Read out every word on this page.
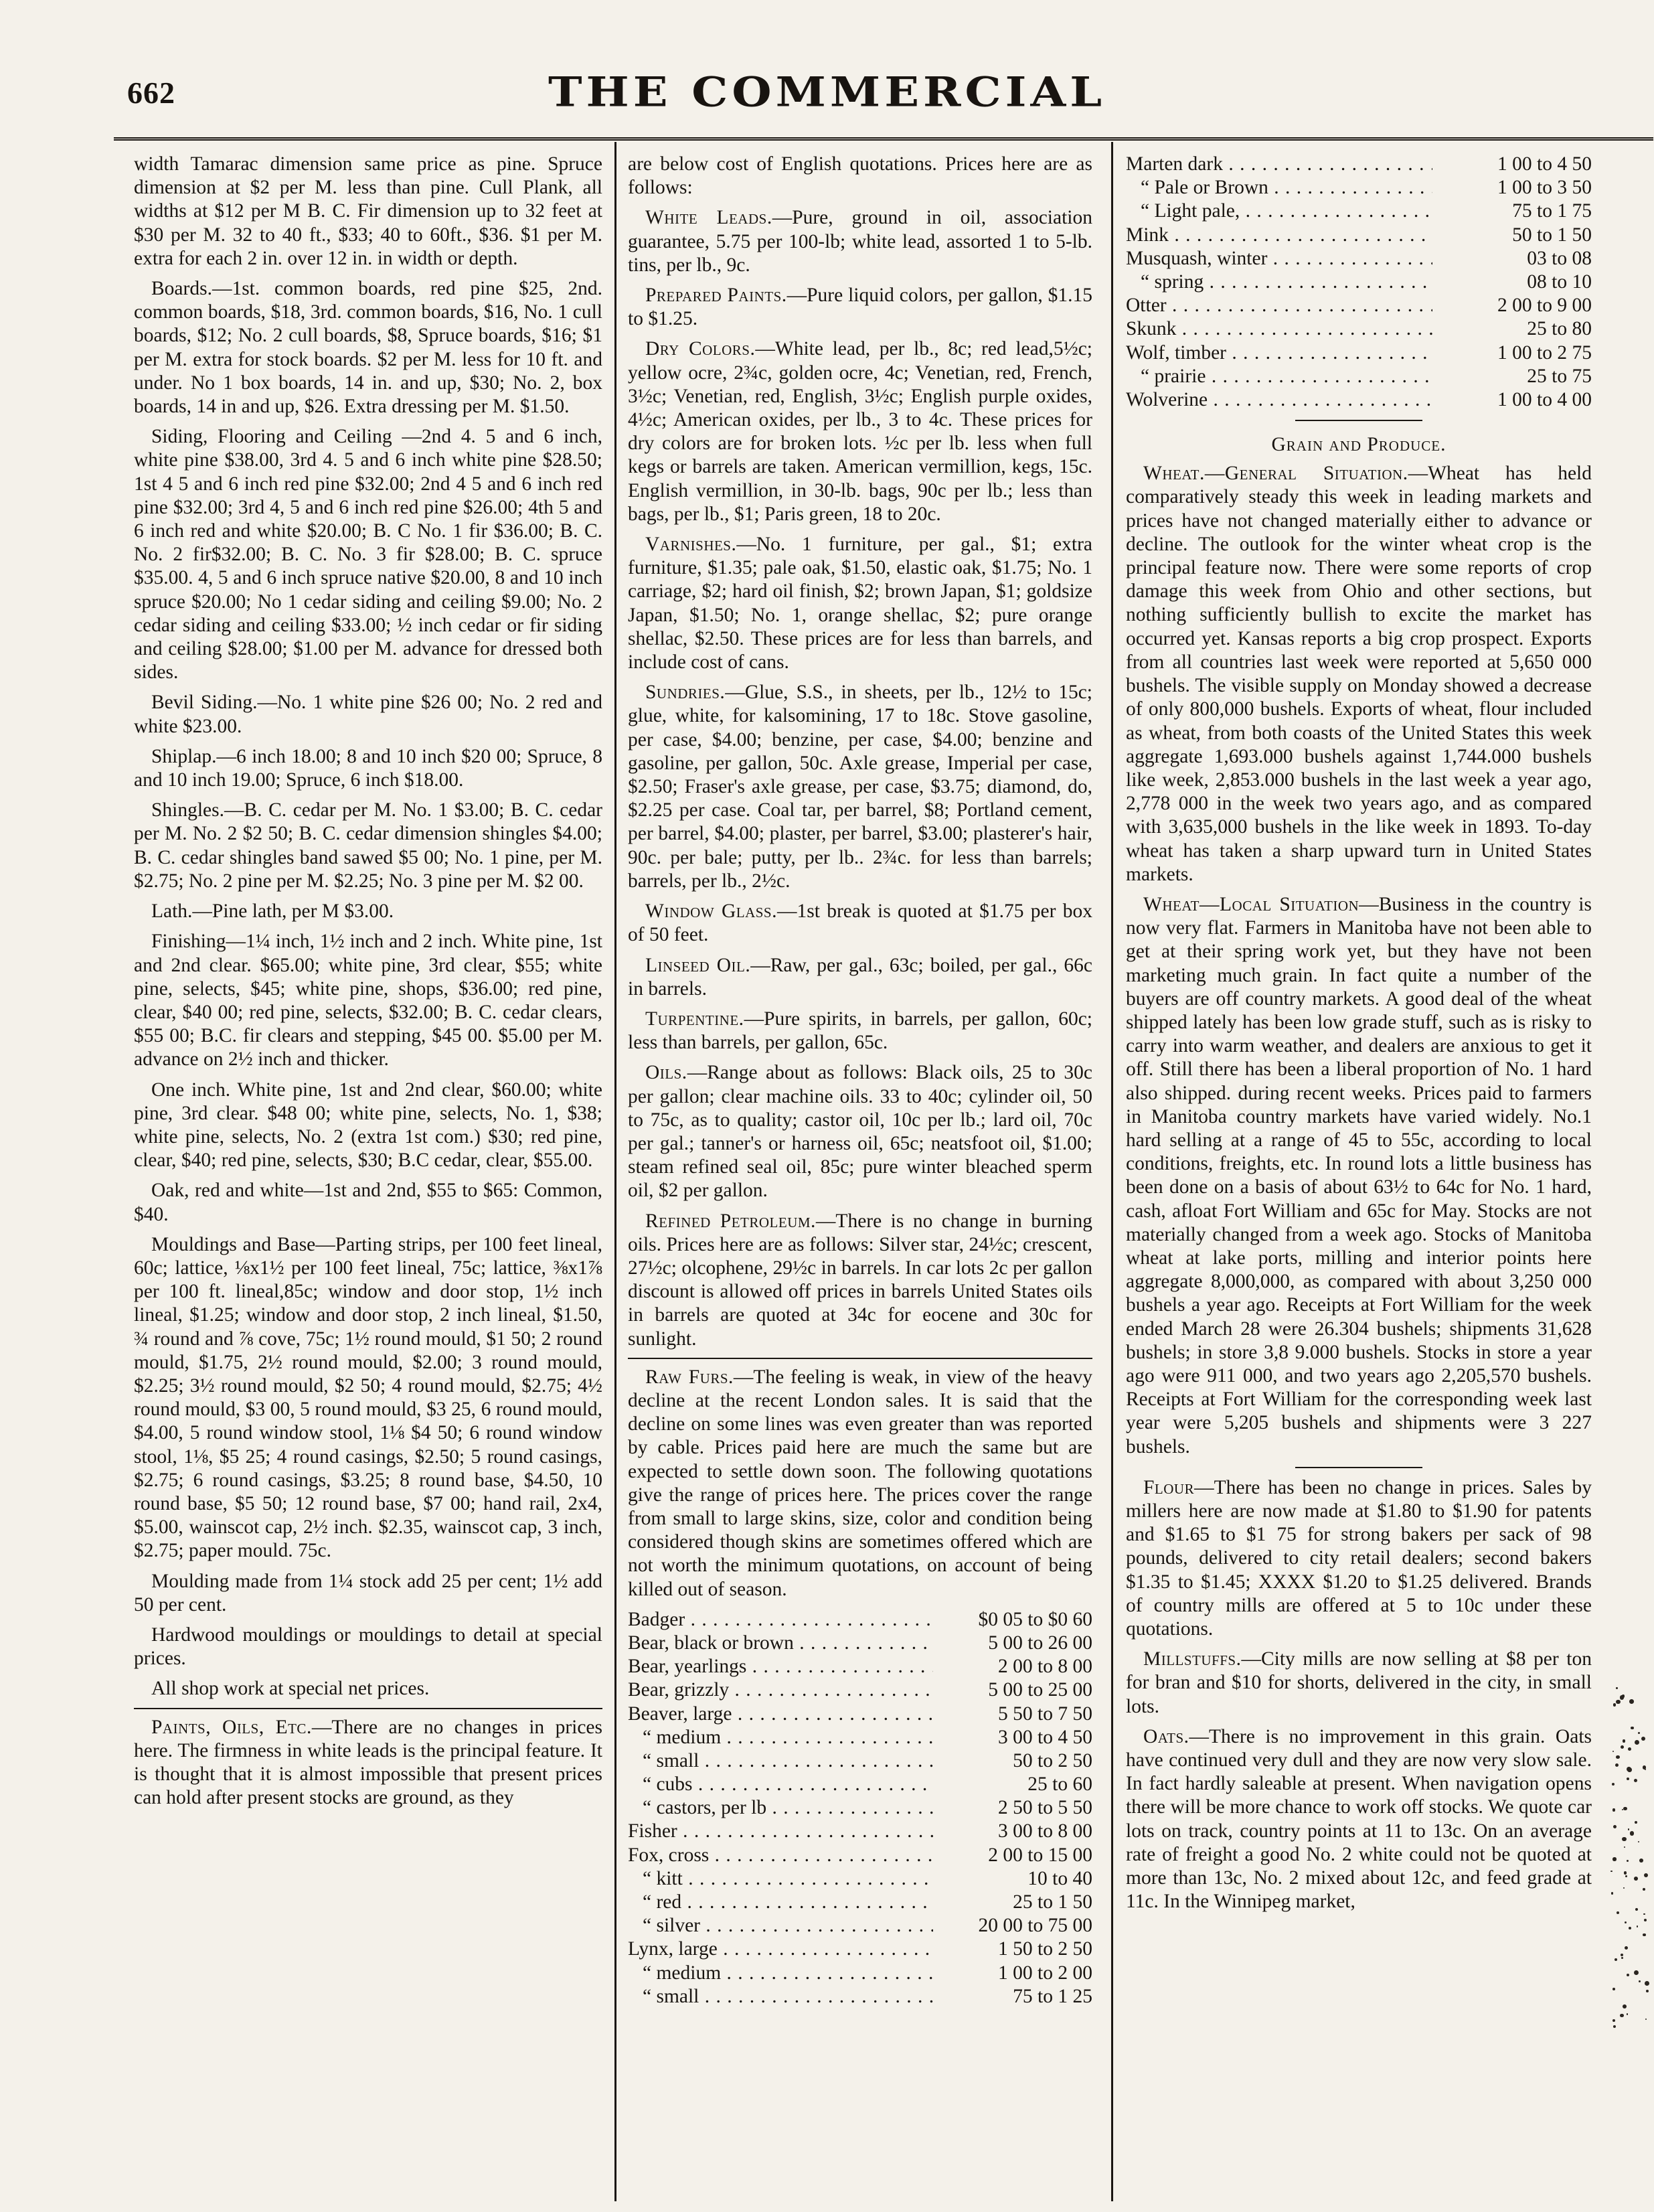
662	THE COMMERCIAL

width Tamarac dimension same price as pine. Spruce dimension at $2 per M. less than pine. Cull Plank, all widths at $12 per M B. C. Fir dimension up to 32 feet at $30 per M. 32 to 40 ft., $33; 40 to 60ft., $36. $1 per M. extra for each 2 in. over 12 in. in width or depth.

Boards.—1st. common boards, red pine $25, 2nd. common boards, $18, 3rd. common boards, $16, No. 1 cull boards, $12; No. 2 cull boards, $8, Spruce boards, $16; $1 per M. extra for stock boards. $2 per M. less for 10 ft. and under. No 1 box boards, 14 in. and up, $30; No. 2, box boards, 14 in and up, $26. Extra dressing per M. $1.50.

Siding, Flooring and Ceiling —2nd 4. 5 and 6 inch, white pine $38.00, 3rd 4. 5 and 6 inch white pine $28.50; 1st 4 5 and 6 inch red pine $32.00; 2nd 4 5 and 6 inch red pine $32.00; 3rd 4, 5 and 6 inch red pine $26.00; 4th 5 and 6 inch red and white $20.00; B. C No. 1 fir $36.00; B. C. No. 2 fir$32.00; B. C. No. 3 fir $28.00; B. C. spruce $35.00. 4, 5 and 6 inch spruce native $20.00, 8 and 10 inch spruce $20.00; No 1 cedar siding and ceiling $9.00; No. 2 cedar siding and ceiling $33.00; ½ inch cedar or fir siding and ceiling $28.00; $1.00 per M. advance for dressed both sides.

Bevil Siding.—No. 1 white pine $26 00; No. 2 red and white $23.00.

Shiplap.—6 inch 18.00; 8 and 10 inch $20 00; Spruce, 8 and 10 inch 19.00; Spruce, 6 inch $18.00.

Shingles.—B. C. cedar per M. No. 1 $3.00; B. C. cedar per M. No. 2 $2 50; B. C. cedar dimension shingles $4.00; B. C. cedar shingles band sawed $5 00; No. 1 pine, per M. $2.75; No. 2 pine per M. $2.25; No. 3 pine per M. $2 00.

Lath.—Pine lath, per M $3.00.

Finishing—1¼ inch, 1½ inch and 2 inch. White pine, 1st and 2nd clear. $65.00; white pine, 3rd clear, $55; white pine, selects, $45; white pine, shops, $36.00; red pine, clear, $40 00; red pine, selects, $32.00; B. C. cedar clears, $55 00; B.C. fir clears and stepping, $45 00. $5.00 per M. advance on 2½ inch and thicker.

One inch. White pine, 1st and 2nd clear, $60.00; white pine, 3rd clear. $48 00; white pine, selects, No. 1, $38; white pine, selects, No. 2 (extra 1st com.) $30; red pine, clear, $40; red pine, selects, $30; B.C cedar, clear, $55.00.

Oak, red and white—1st and 2nd, $55 to $65: Common, $40.

Mouldings and Base—Parting strips, per 100 feet lineal, 60c; lattice, ⅛x1½ per 100 feet lineal, 75c; lattice, ⅜x1⅞ per 100 ft. lineal,85c; window and door stop, 1½ inch lineal, $1.25; window and door stop, 2 inch lineal, $1.50, ¾ round and ⅞ cove, 75c; 1½ round mould, $1 50; 2 round mould, $1.75, 2½ round mould, $2.00; 3 round mould, $2.25; 3½ round mould, $2 50; 4 round mould, $2.75; 4½ round mould, $3 00, 5 round mould, $3 25, 6 round mould, $4.00, 5 round window stool, 1⅛ $4 50; 6 round window stool, 1⅛, $5 25; 4 round casings, $2.50; 5 round casings, $2.75; 6 round casings, $3.25; 8 round base, $4.50, 10 round base, $5 50; 12 round base, $7 00; hand rail, 2x4, $5.00, wainscot cap, 2½ inch. $2.35, wainscot cap, 3 inch, $2.75; paper mould. 75c.

Moulding made from 1¼ stock add 25 per cent; 1½ add 50 per cent.

Hardwood mouldings or mouldings to detail at special prices.

All shop work at special net prices.

Paints, Oils, Etc.—There are no changes in prices here. The firmness in white leads is the principal feature. It is thought that it is almost impossible that present prices can hold after present stocks are ground, as they

are below cost of English quotations. Prices here are as follows:

White Leads.—Pure, ground in oil, association guarantee, 5.75 per 100-lb; white lead, assorted 1 to 5-lb. tins, per lb., 9c.

Prepared Paints.—Pure liquid colors, per gallon, $1.15 to $1.25.

Dry Colors.—White lead, per lb., 8c; red lead,5½c; yellow ocre, 2¾c, golden ocre, 4c; Venetian, red, French, 3½c; Venetian, red, English, 3½c; English purple oxides, 4½c; American oxides, per lb., 3 to 4c. These prices for dry colors are for broken lots. ½c per lb. less when full kegs or barrels are taken. American vermillion, kegs, 15c. English vermillion, in 30-lb. bags, 90c per lb.; less than bags, per lb., $1; Paris green, 18 to 20c.

Varnishes.—No. 1 furniture, per gal., $1; extra furniture, $1.35; pale oak, $1.50, elastic oak, $1.75; No. 1 carriage, $2; hard oil finish, $2; brown Japan, $1; goldsize Japan, $1.50; No. 1, orange shellac, $2; pure orange shellac, $2.50. These prices are for less than barrels, and include cost of cans.

Sundries.—Glue, S.S., in sheets, per lb., 12½ to 15c; glue, white, for kalsomining, 17 to 18c. Stove gasoline, per case, $4.00; benzine, per case, $4.00; benzine and gasoline, per gallon, 50c. Axle grease, Imperial per case, $2.50; Fraser's axle grease, per case, $3.75; diamond, do, $2.25 per case. Coal tar, per barrel, $8; Portland cement, per barrel, $4.00; plaster, per barrel, $3.00; plasterer's hair, 90c. per bale; putty, per lb.. 2¾c. for less than barrels; barrels, per lb., 2½c.

Window Glass.—1st break is quoted at $1.75 per box of 50 feet.

Linseed Oil.—Raw, per gal., 63c; boiled, per gal., 66c in barrels.

Turpentine.—Pure spirits, in barrels, per gallon, 60c; less than barrels, per gallon, 65c.

Oils.—Range about as follows: Black oils, 25 to 30c per gallon; clear machine oils. 33 to 40c; cylinder oil, 50 to 75c, as to quality; castor oil, 10c per lb.; lard oil, 70c per gal.; tanner's or harness oil, 65c; neatsfoot oil, $1.00; steam refined seal oil, 85c; pure winter bleached sperm oil, $2 per gallon.

Refined Petroleum.—There is no change in burning oils. Prices here are as follows: Silver star, 24½c; crescent, 27½c; olcophene, 29½c in barrels. In car lots 2c per gallon discount is allowed off prices in barrels United States oils in barrels are quoted at 34c for eocene and 30c for sunlight.

Raw Furs.—The feeling is weak, in view of the heavy decline at the recent London sales. It is said that the decline on some lines was even greater than was reported by cable. Prices paid here are much the same but are expected to settle down soon. The following quotations give the range of prices here. The prices cover the range from small to large skins, size, color and condition being considered though skins are sometimes offered which are not worth the minimum quotations, on account of being killed out of season.

Badger . . .	$0 05 to $0 60
Bear, black or brown . . .	5 00 to 26 00
Bear, yearlings . . .	2 00 to 8 00
Bear, grizzly . . .	5 00 to 25 00
Beaver, large . . .	5 50 to 7 50
“ medium . . .	3 00 to 4 50
“ small . . .	50 to 2 50
“ cubs . . .	25 to 60
“ castors, per lb . . .	2 50 to 5 50
Fisher . . .	3 00 to 8 00
Fox, cross . . .	2 00 to 15 00
“ kitt . . .	10 to 40
“ red . . .	25 to 1 50
“ silver . . .	20 00 to 75 00
Lynx, large . . .	1 50 to 2 50
“ medium . . .	1 00 to 2 00
“ small . . .	75 to 1 25
Marten dark . . .	1 00 to 4 50
“ Pale or Brown . . .	1 00 to 3 50
“ Light pale, . . .	75 to 1 75
Mink . . .	50 to 1 50
Musquash, winter . . .	03 to 08
“ spring . . .	08 to 10
Otter . . .	2 00 to 9 00
Skunk . . .	25 to 80
Wolf, timber . . .	1 00 to 2 75
“ prairie . . .	25 to 75
Wolverine . . .	1 00 to 4 00
Grain and Produce.

Wheat.—General Situation.—Wheat has held comparatively steady this week in leading markets and prices have not changed materially either to advance or decline. The outlook for the winter wheat crop is the principal feature now. There were some reports of crop damage this week from Ohio and other sections, but nothing sufficiently bullish to excite the market has occurred yet. Kansas reports a big crop prospect. Exports from all countries last week were reported at 5,650 000 bushels. The visible supply on Monday showed a decrease of only 800,000 bushels. Exports of wheat, flour included as wheat, from both coasts of the United States this week aggregate 1,693.000 bushels against 1,744.000 bushels like week, 2,853.000 bushels in the last week a year ago, 2,778 000 in the week two years ago, and as compared with 3,635,000 bushels in the like week in 1893. To-day wheat has taken a sharp upward turn in United States markets.

Wheat—Local Situation—Business in the country is now very flat. Farmers in Manitoba have not been able to get at their spring work yet, but they have not been marketing much grain. In fact quite a number of the buyers are off country markets. A good deal of the wheat shipped lately has been low grade stuff, such as is risky to carry into warm weather, and dealers are anxious to get it off. Still there has been a liberal proportion of No. 1 hard also shipped. during recent weeks. Prices paid to farmers in Manitoba country markets have varied widely. No.1 hard selling at a range of 45 to 55c, according to local conditions, freights, etc. In round lots a little business has been done on a basis of about 63½ to 64c for No. 1 hard, cash, afloat Fort William and 65c for May. Stocks are not materially changed from a week ago. Stocks of Manitoba wheat at lake ports, milling and interior points here aggregate 8,000,000, as compared with about 3,250 000 bushels a year ago. Receipts at Fort William for the week ended March 28 were 26.304 bushels; shipments 31,628 bushels; in store 3,8 9.000 bushels. Stocks in store a year ago were 911 000, and two years ago 2,205,570 bushels. Receipts at Fort William for the corresponding week last year were 5,205 bushels and shipments were 3 227 bushels.

Flour—There has been no change in prices. Sales by millers here are now made at $1.80 to $1.90 for patents and $1.65 to $1 75 for strong bakers per sack of 98 pounds, delivered to city retail dealers; second bakers $1.35 to $1.45; XXXX $1.20 to $1.25 delivered. Brands of country mills are offered at 5 to 10c under these quotations.

Millstuffs.—City mills are now selling at $8 per ton for bran and $10 for shorts, delivered in the city, in small lots.

Oats.—There is no improvement in this grain. Oats have continued very dull and they are now very slow sale. In fact hardly saleable at present. When navigation opens there will be more chance to work off stocks. We quote car lots on track, country points at 11 to 13c. On an average rate of freight a good No. 2 white could not be quoted at more than 13c, No. 2 mixed about 12c, and feed grade at 11c. In the Winnipeg market,
